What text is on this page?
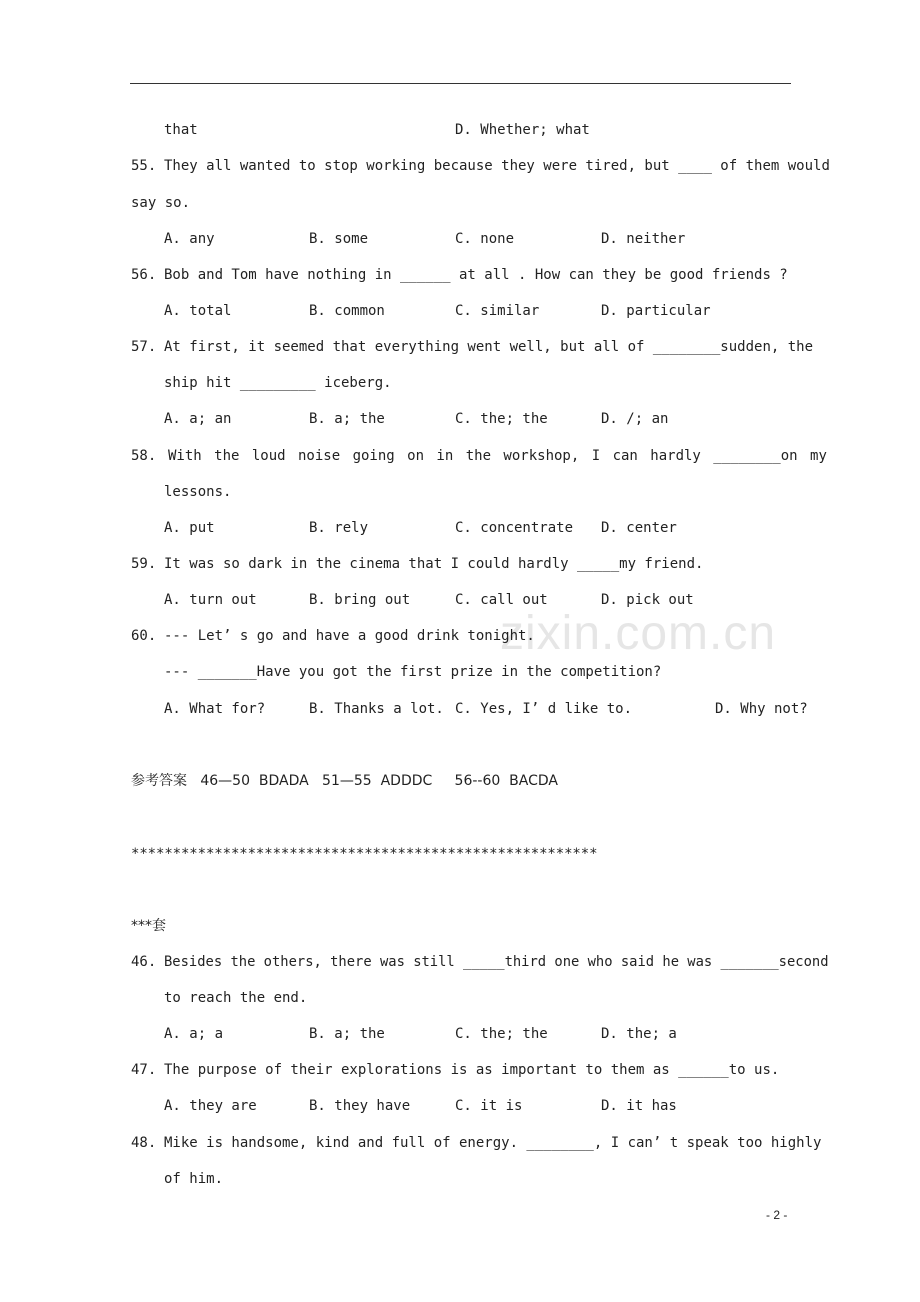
that	D. Whether; what
55. They all wanted to stop working because they were tired, but ____ of them would
say so.
A. any	B. some	C. none	D. neither
56. Bob and Tom have nothing in ______ at all . How can they be good friends ?
A. total	B. common	C. similar	D. particular
57. At first, it seemed that everything went well, but all of ________sudden, the
ship hit _________ iceberg.
A. a; an	B. a; the	C. the; the	D. /; an
58. With the loud noise going on in the workshop, I can hardly ________on my
lessons.
A. put	B. rely	C. concentrate D. center
59. It was so dark in the cinema that I could hardly _____my friend.
A. turn out	B. bring out	C. call out	D. pick out
zixin.com.cn
60. --- Let’ s go and have a good drink tonight.
--- _______Have you got the first prize in the competition?
A. What for?	B. Thanks a lot. C. Yes, I’ d like to.	D. Why not?
参考答案   46—50  BDADA   51—55  ADDDC     56--60  BACDA
********************************************************
***套
46. Besides the others, there was still _____third one who said he was _______second
to reach the end.
A. a; a	B. a; the	C. the; the	D. the; a
47. The purpose of their explorations is as important to them as ______to us.
A. they are	B. they have	C. it is	D. it has
48. Mike is handsome, kind and full of energy. ________, I can’ t speak too highly
of him.
- 2 -
